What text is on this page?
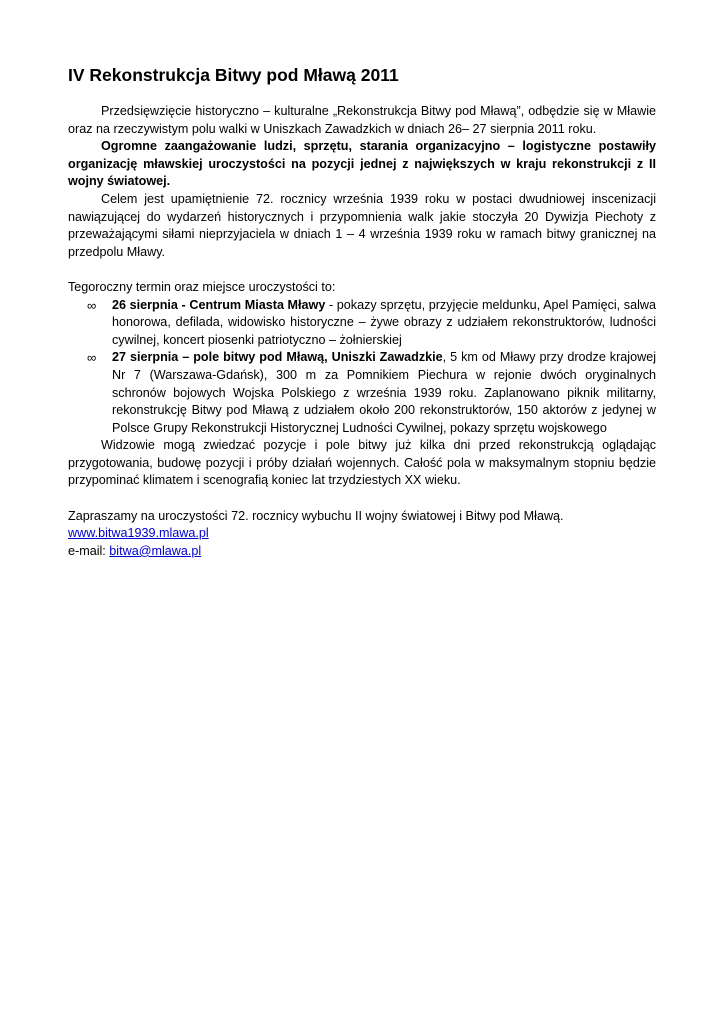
IV Rekonstrukcja Bitwy pod Mławą 2011

Przedsięwzięcie historyczno – kulturalne „Rekonstrukcja Bitwy pod Mławą”, odbędzie się w Mławie oraz na rzeczywistym polu walki w Uniszkach Zawadzkich w dniach 26– 27 sierpnia 2011 roku.

Ogromne zaangażowanie ludzi, sprzętu, starania organizacyjno – logistyczne postawiły organizację mławskiej uroczystości na pozycji jednej z największych w kraju rekonstrukcji z II wojny światowej.

Celem jest upamiętnienie 72. rocznicy września 1939 roku w postaci dwudniowej inscenizacji nawiązującej do wydarzeń historycznych i przypomnienia walk jakie stoczyła 20 Dywizja Piechoty z przeważającymi siłami nieprzyjaciela w dniach 1 – 4 września 1939 roku w ramach bitwy granicznej na przedpolu Mławy.

Tegoroczny termin oraz miejsce uroczystości to:

∞ 26 sierpnia - Centrum Miasta Mławy - pokazy sprzętu, przyjęcie meldunku, Apel Pamięci, salwa honorowa, defilada, widowisko historyczne – żywe obrazy z udziałem rekonstruktorów, ludności cywilnej, koncert piosenki patriotyczno – żołnierskiej
∞ 27 sierpnia – pole bitwy pod Mławą, Uniszki Zawadzkie, 5 km od Mławy przy drodze krajowej Nr 7 (Warszawa-Gdańsk), 300 m za Pomnikiem Piechura w rejonie dwóch oryginalnych schronów bojowych Wojska Polskiego z września 1939 roku. Zaplanowano piknik militarny, rekonstrukcję Bitwy pod Mławą z udziałem około 200 rekonstruktorów, 150 aktorów z jedynej w Polsce Grupy Rekonstrukcji Historycznej Ludności Cywilnej, pokazy sprzętu wojskowego

Widzowie mogą zwiedzać pozycje i pole bitwy już kilka dni przed rekonstrukcją oglądając przygotowania, budowę pozycji i próby działań wojennych. Całość pola w maksymalnym stopniu będzie przypominać klimatem i scenografią koniec lat trzydziestych XX wieku.

Zapraszamy na uroczystości 72. rocznicy wybuchu II wojny światowej i Bitwy pod Mławą.

www.bitwa1939.mlawa.pl

e-mail: bitwa@mlawa.pl
